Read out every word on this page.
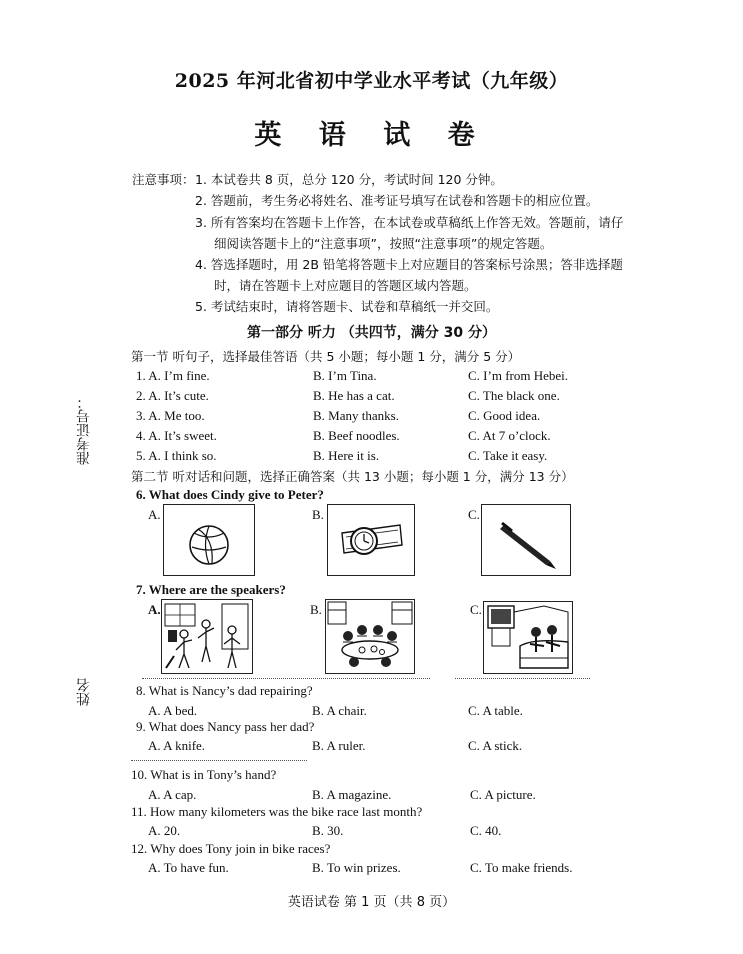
2025 年河北省初中学业水平考试（九年级）
英 语 试 卷
准考证号：
姓名
注意事项： 1. 本试卷共 8 页，总分 120 分，考试时间 120 分钟。
2. 答题前，考生务必将姓名、准考证号填写在试卷和答题卡的相应位置。
3. 所有答案均在答题卡上作答，在本试卷或草稿纸上作答无效。答题前，请仔
细阅读答题卡上的“注意事项”，按照“注意事项”的规定答题。
4. 答选择题时，用 2B 铅笔将答题卡上对应题目的答案标号涂黑；答非选择题
时，请在答题卡上对应题目的答题区域内答题。
5. 考试结束时，请将答题卡、试卷和草稿纸一并交回。
第一部分 听力 （共四节，满分 30 分）
第一节 听句子，选择最佳答语（共 5 小题；每小题 1 分，满分 5 分）
1. A. I’m fine.	B. I’m Tina.	C. I’m from Hebei.
2. A. It’s cute.	B. He has a cat.	C. The black one.
3. A. Me too.	B. Many thanks.	C. Good idea.
4. A. It’s sweet.	B. Beef noodles.	C. At 7 o’clock.
5. A. I think so.	B. Here it is.	C. Take it easy.
第二节 听对话和问题，选择正确答案（共 13 小题；每小题 1 分，满分 13 分）
6. What does Cindy give to Peter?
A.	B.	C.
7. Where are the speakers?
A.	B.	C.
8. What is Nancy’s dad repairing?
A. A bed.	B. A chair.	C. A table.
9. What does Nancy pass her dad?
A. A knife.	B. A ruler.	C. A stick.
10. What is in Tony’s hand?
A. A cap.	B. A magazine.	C. A picture.
11. How many kilometers was the bike race last month?
A. 20.	B. 30.	C. 40.
12. Why does Tony join in bike races?
A. To have fun.	B. To win prizes.	C. To make friends.
英语试卷 第 1 页（共 8 页）
